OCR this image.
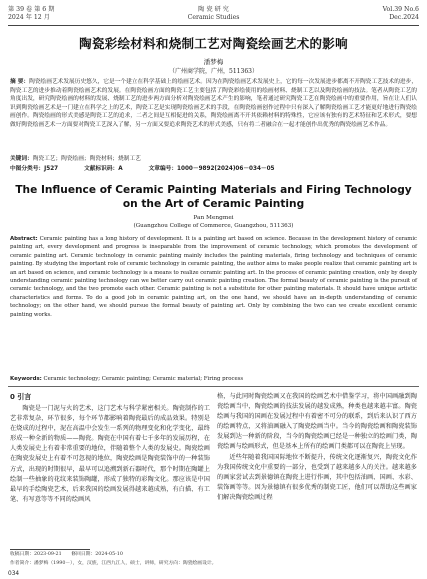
第 39 卷 第 6 期
2024 年 12 月
陶 瓷 研 究
Ceramic Studies
Vol.39 No.6
Dec.2024
陶瓷彩绘材料和烧制工艺对陶瓷绘画艺术的影响
潘梦梅
（广州商学院，广州，511363）

摘 要：陶瓷绘画艺术发展历史悠久，它是一个建立在科学基础上的绘画艺术。因为在陶瓷绘画艺术发展史上，它的每一次发展进步都离不开陶瓷工艺技术的进步，陶瓷工艺的进步推动着陶瓷绘画艺术的发展。在陶瓷绘画方面的陶瓷工艺主要包括了陶瓷彩绘使用的绘画材料、烧制工艺以及陶瓷绘画的技法。笔者从陶瓷工艺的角度出发，研究陶瓷绘画的材料的发展、烧制工艺的进步两方面分析对陶瓷绘画艺术产生的影响，笔者通过研究陶瓷工艺在陶瓷绘画中的重要作用，旨在让人们认识到陶瓷绘画艺术是一门建立在科学之上的艺术，陶瓷工艺是实现陶瓷绘画艺术的手段，在陶瓷绘画创作过程中只有深入了解陶瓷绘画工艺才能更好地进行陶瓷绘画创作。陶瓷绘画的形式美感是陶瓷工艺的追求，二者之间是互相促进的关系，陶瓷绘画离不开其依赖材料的特殊性，它应该有独有的艺术特征和艺术形式，要想做好陶瓷绘画艺术一方面要对陶瓷工艺深入了解，另一方面又要追求陶瓷艺术的形式美感，只有将二者融合在一起才能创作出优秀的陶瓷绘画艺术作品。

关键词：陶瓷工艺；陶瓷绘画；陶瓷材料；烧制工艺

中图分类号：J527	文献标识码：A	文章编号：1000－9892(2024)06－034－05
The Influence of Ceramic Painting Materials and Firing Technology
on the Art of Ceramic Painting
Pan Mengmei
(Guangzhou College of Commerce, Guangzhou, 511363)

Abstract: Ceramic painting has a long history of development. It is a painting art based on science. Because in the development history of ceramic painting art, every development and progress is inseparable from the improvement of ceramic technology, which promotes the development of ceramic painting art. Ceramic technology in ceramic painting mainly includes the painting materials, firing technology and techniques of ceramic painting. By studying the important role of ceramic technology in ceramic painting, the author aims to make people realize that ceramic painting art is an art based on science, and ceramic technology is a means to realize ceramic painting art. In the process of ceramic painting creation, only by deeply understanding ceramic painting technology can we better carry out ceramic painting creation. The formal beauty of ceramic painting is the pursuit of ceramic technology, and the two promote each other. Ceramic painting is not a substitute for other painting materials. It should have unique artistic characteristics and forms. To do a good job in ceramic painting art, on the one hand, we should have an in-depth understanding of ceramic technology; on the other hand, we should pursue the formal beauty of painting art. Only by combining the two can we create excellent ceramic painting works.

Keywords: Ceramic technology; Ceramic painting; Ceramic material; Firing process

0 引言

陶瓷是一门泥与火的艺术，这门艺术与科学紧密相关。陶瓷制作的工艺非常复杂，环节很多，每个环节都影响着陶瓷最后的成品效果。特别是在烧成的过程中，泥在高温中会发生一系列的物理变化和化学变化，最终形成一种全新的物质——陶瓷。陶瓷在中国有着七千多年的发展历程，在人类发展史上有着非常重要的地位，伴随着整个人类的发展史。陶瓷绘画在陶瓷发展史上有着不可忽视的地位，陶瓷绘画是陶瓷装饰中的一种装饰方式，出现的时期很早，最早可以追溯到新石器时代，那个时期在陶罐上绘制一些抽象的花纹来装饰陶罐，形成了独特的彩陶文化。那应该是中国最早的手绘陶瓷艺术，后来我国的绘画发展得越来越成熟，有白描、有工笔、有写意等等不同的绘画风

格，与此同时陶瓷绘画又在我国的绘画艺术中借鉴学习，将中国画融到陶瓷绘画当中，陶瓷绘画的技法发展的越发成熟，种类也越来越丰富。陶瓷绘画与我国的国画在发展过程中有着密不可分的联系，到后来认识了西方的绘画特点，又将油画融入了陶瓷绘画当中。当今的陶瓷绘画和陶瓷装饰发展到达一种新的阶段，当今的陶瓷绘画已经是一种独立的绘画门类，陶瓷绘画与绘画形式，但是基本上所有的绘画门类都可以在陶瓷上呈现。

近些年随着我国国际地位不断提升，传统文化逐渐复兴，陶瓷文化作为我国传统文化中重要的一部分，也受到了越来越多人的关注。越来越多的画家尝试去到景德镇在陶瓷上进行作画，其中包括油画、国画、水彩、装饰画等等。因为景德镇有很多优秀的制瓷工匠，他们可以帮助这些画家们解决陶瓷绘画过程

收稿日期：2023-09-21　　修回日期：2024-05-10
作者简介：潘梦梅（1990－），女，汉族，江西九江人，硕士，讲师，研究方向：陶瓷绘画设计。
034
